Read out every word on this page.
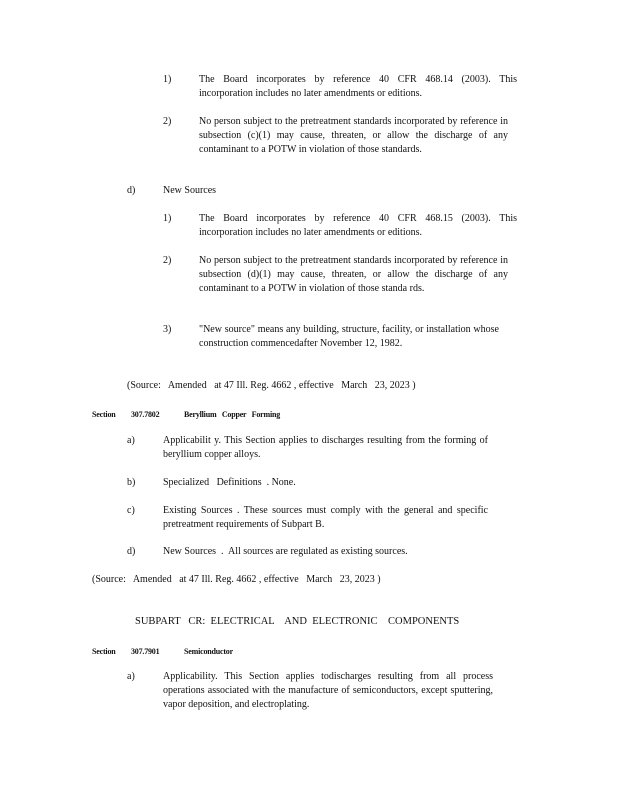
1)	The Board incorporates by reference 40 CFR 468.14 (2003). This incorporation includes no later amendments or editions.
2)	No person subject to the pretreatment standards incorporated by reference in subsection (c)(1) may cause, threaten, or allow the discharge of any contaminant to a POTW in violation of those standards.
d)	New Sources
1)	The Board incorporates by reference 40 CFR 468.15 (2003). This incorporation includes no later amendments or editions.
2)	No person subject to the pretreatment standards incorporated by reference in subsection (d)(1) may cause, threaten, or allow the discharge of any contaminant to a POTW in violation of those standa rds.
3)	"New source" means any building, structure, facility, or installation whose construction commencedafter November 12, 1982.
(Source:   Amended   at 47 Ill. Reg. 4662 , effective   March   23, 2023 )
Section 307.7802	Beryllium   Copper   Forming
a)	Applicabilit y. This Section applies to discharges resulting from the forming of beryllium copper alloys.
b)	Specialized   Definitions  . None.
c)	Existing Sources . These sources must comply with the general and specific pretreatment requirements of Subpart B.
d)	New Sources  .  All sources are regulated as existing sources.
(Source:   Amended   at 47 Ill. Reg. 4662 , effective   March   23, 2023 )
SUBPART   CR:  ELECTRICAL    AND  ELECTRONIC    COMPONENTS
Section 307.7901	Semiconductor
a)	Applicability. This Section applies todischarges resulting from all process operations associated with the manufacture of semiconductors, except sputtering, vapor deposition, and electroplating.
